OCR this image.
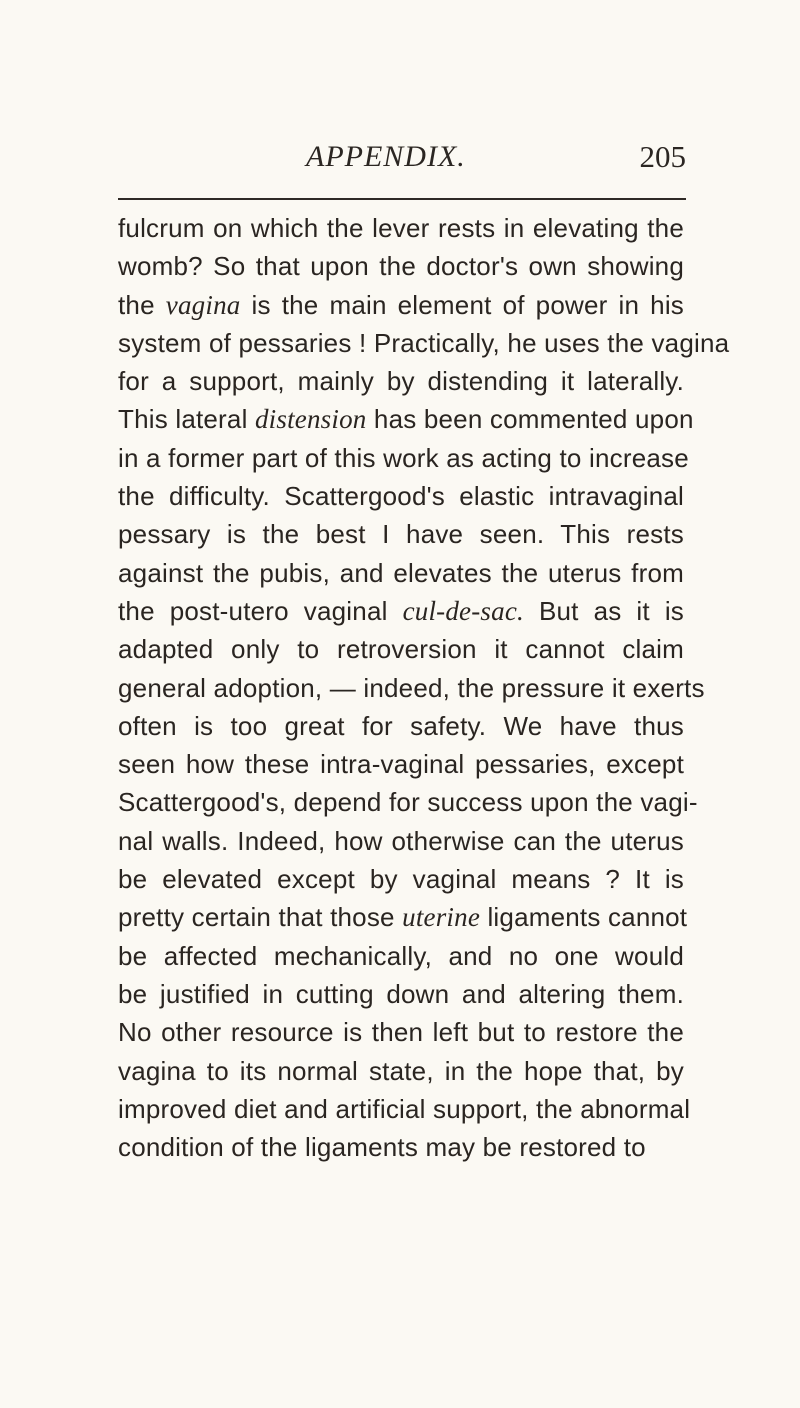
APPENDIX.	205
fulcrum on which the lever rests in elevating the
womb? So that upon the doctor's own showing
the vagina is the main element of power in his
system of pessaries ! Practically, he uses the vagina
for a support, mainly by distending it laterally.
This lateral distension has been commented upon
in a former part of this work as acting to increase
the difficulty. Scattergood's elastic intravaginal
pessary is the best I have seen. This rests
against the pubis, and elevates the uterus from
the post-utero vaginal cul-de-sac. But as it is
adapted only to retroversion it cannot claim
general adoption, — indeed, the pressure it exerts
often is too great for safety. We have thus
seen how these intra-vaginal pessaries, except
Scattergood's, depend for success upon the vagi-
nal walls. Indeed, how otherwise can the uterus
be elevated except by vaginal means ? It is
pretty certain that those uterine ligaments cannot
be affected mechanically, and no one would
be justified in cutting down and altering them.
No other resource is then left but to restore the
vagina to its normal state, in the hope that, by
improved diet and artificial support, the abnormal
condition of the ligaments may be restored to
